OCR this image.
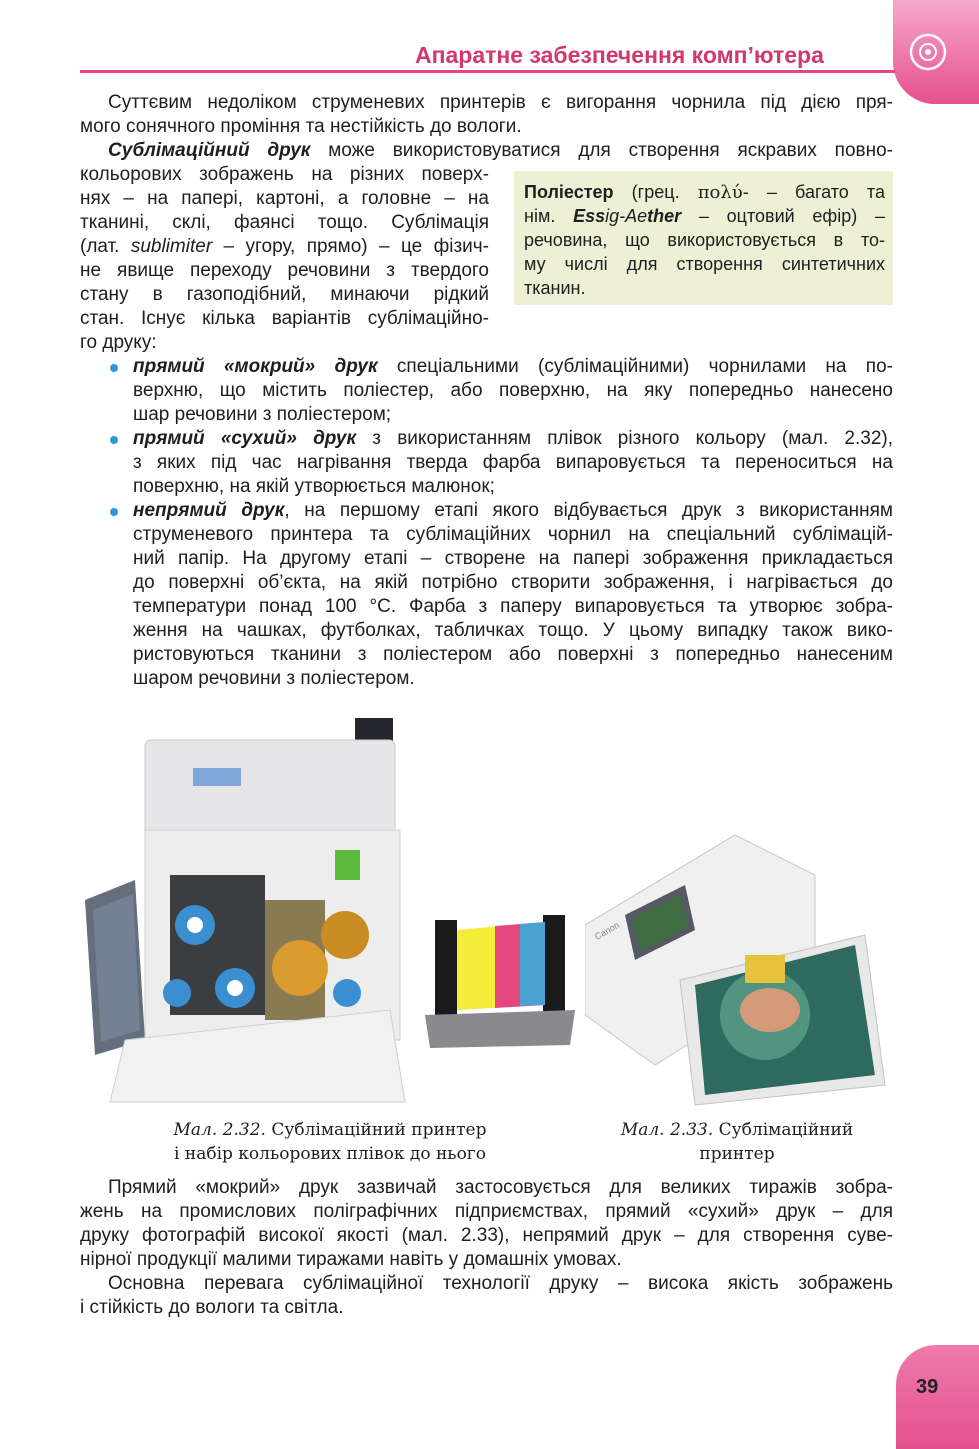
Апаратне забезпечення комп’ютера
Суттєвим недоліком струменевих принтерів є вигорання чорнила під дією пря-
мого сонячного проміння та нестійкість до вологи.
Сублімаційний друк може використовуватися для створення яскравих повно-
кольорових зображень на різних поверх-
нях – на папері, картоні, а головне – на
тканині, склі, фаянсі тощо. Сублімація
(лат. sublimiter – угору, прямо) – це фізич-
не явище переходу речовини з твердого
стану в газоподібний, минаючи рідкий
стан. Існує кілька варіантів сублімаційно-
го друку:
Поліестер (грец. πολύ- – багато та
нім. Essig-Aether – оцтовий ефір) –
речовина, що використовується в то-
му числі для створення синтетичних
тканин.
прямий «мокрий» друк спеціальними (сублімаційними) чорнилами на по-
верхню, що містить поліестер, або поверхню, на яку попередньо нанесено
шар речовини з поліестером;
прямий «сухий» друк з використанням плівок різного кольору (мал. 2.32),
з яких під час нагрівання тверда фарба випаровується та переноситься на
поверхню, на якій утворюється малюнок;
непрямий друк, на першому етапі якого відбувається друк з використанням
струменевого принтера та сублімаційних чорнил на спеціальний сублімацій-
ний папір. На другому етапі – створене на папері зображення прикладається
до поверхні об’єкта, на якій потрібно створити зображення, і нагрівається до
температури понад 100 °С. Фарба з паперу випаровується та утворює зобра-
ження на чашках, футболках, табличках тощо. У цьому випадку також вико-
ристовуються тканини з поліестером або поверхні з попередньо нанесеним
шаром речовини з поліестером.
Мал. 2.32. Сублімаційний принтер
і набір кольорових плівок до нього
Canon
Мал. 2.33. Сублімаційний
принтер
Прямий «мокрий» друк зазвичай застосовується для великих тиражів зобра-
жень на промислових поліграфічних підприємствах, прямий «сухий» друк – для
друку фотографій високої якості (мал. 2.33), непрямий друк – для створення суве-
нірної продукції малими тиражами навіть у домашніх умовах.
Основна перевага сублімаційної технології друку – висока якість зображень
і стійкість до вологи та світла.
39
